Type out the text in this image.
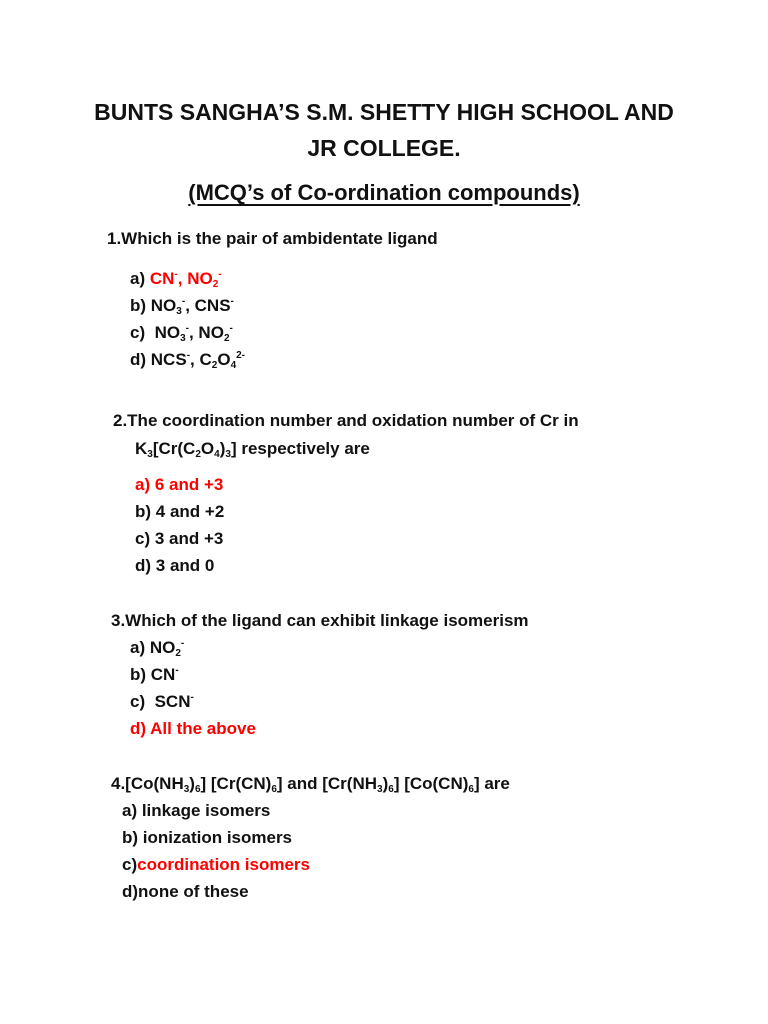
BUNTS SANGHA’S S.M. SHETTY HIGH SCHOOL AND
JR COLLEGE.
(MCQ’s of Co-ordination compounds)
1.Which is the pair of ambidentate ligand
a) CN-, $NO_2^-$
b) $NO_3^-$, CNS-
c) $NO_3^-$, $NO_2^-$
d) NCS-, $C_2O_4^{2-}$
2.The coordination number and oxidation number of Cr in
$K_3[Cr(C_2O_4)_3]$ respectively are
a) 6 and +3
b) 4 and +2
c) 3 and +3
d) 3 and 0
3.Which of the ligand can exhibit linkage isomerism
a) $NO_2^-$
b) CN-
c) SCN-
d) All the above
$4.[Co(NH_3)_6]$ $[Cr(CN)_6]$ and $[Cr(NH_3)_6]$ $[Co(CN)_6]$ are
a) linkage isomers
b) ionization isomers
c)coordination isomers
d)none of these
